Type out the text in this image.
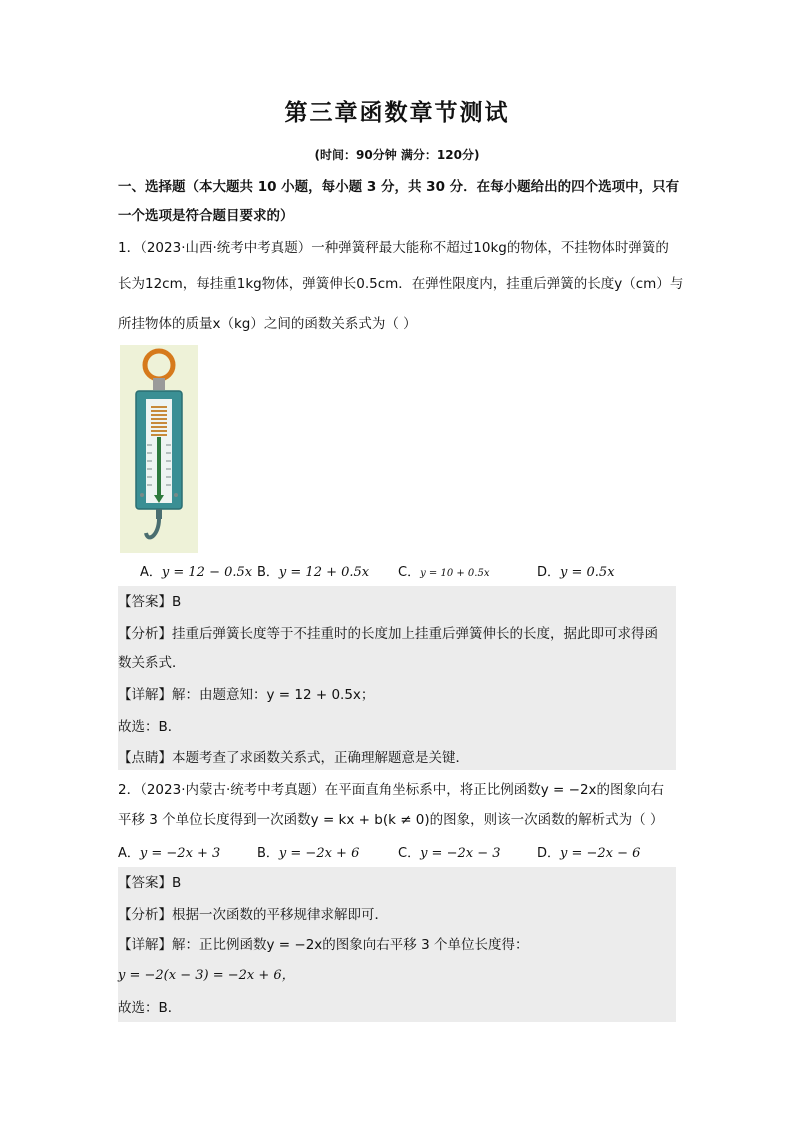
第三章函数章节测试
(时间：90分钟 满分：120分)
一、选择题（本大题共 10 小题，每小题 3 分，共 30 分．在每小题给出的四个选项中，只有
一个选项是符合题目要求的）
1．（2023·山西·统考中考真题）一种弹簧秤最大能称不超过10kg的物体，不挂物体时弹簧的
长为12cm，每挂重1kg物体，弹簧伸长0.5cm．在弹性限度内，挂重后弹簧的长度y（cm）与
所挂物体的质量x（kg）之间的函数关系式为（ ）
A．y = 12 − 0.5x B．y = 12 + 0.5x C．y = 10 + 0.5x	D．y = 0.5x
【答案】B
【分析】挂重后弹簧长度等于不挂重时的长度加上挂重后弹簧伸长的长度，据此即可求得函
数关系式．
【详解】解：由题意知：y = 12 + 0.5x；
故选：B．
【点睛】本题考查了求函数关系式，正确理解题意是关键．
2．（2023·内蒙古·统考中考真题）在平面直角坐标系中，将正比例函数y = −2x的图象向右
平移 3 个单位长度得到一次函数y = kx + b(k ≠ 0)的图象，则该一次函数的解析式为（ ）
A．y = −2x + 3	B．y = −2x + 6	C．y = −2x − 3	D．y = −2x − 6
【答案】B
【分析】根据一次函数的平移规律求解即可．
【详解】解：正比例函数y = −2x的图象向右平移 3 个单位长度得：
y = −2(x − 3) = −2x + 6，
故选：B．
